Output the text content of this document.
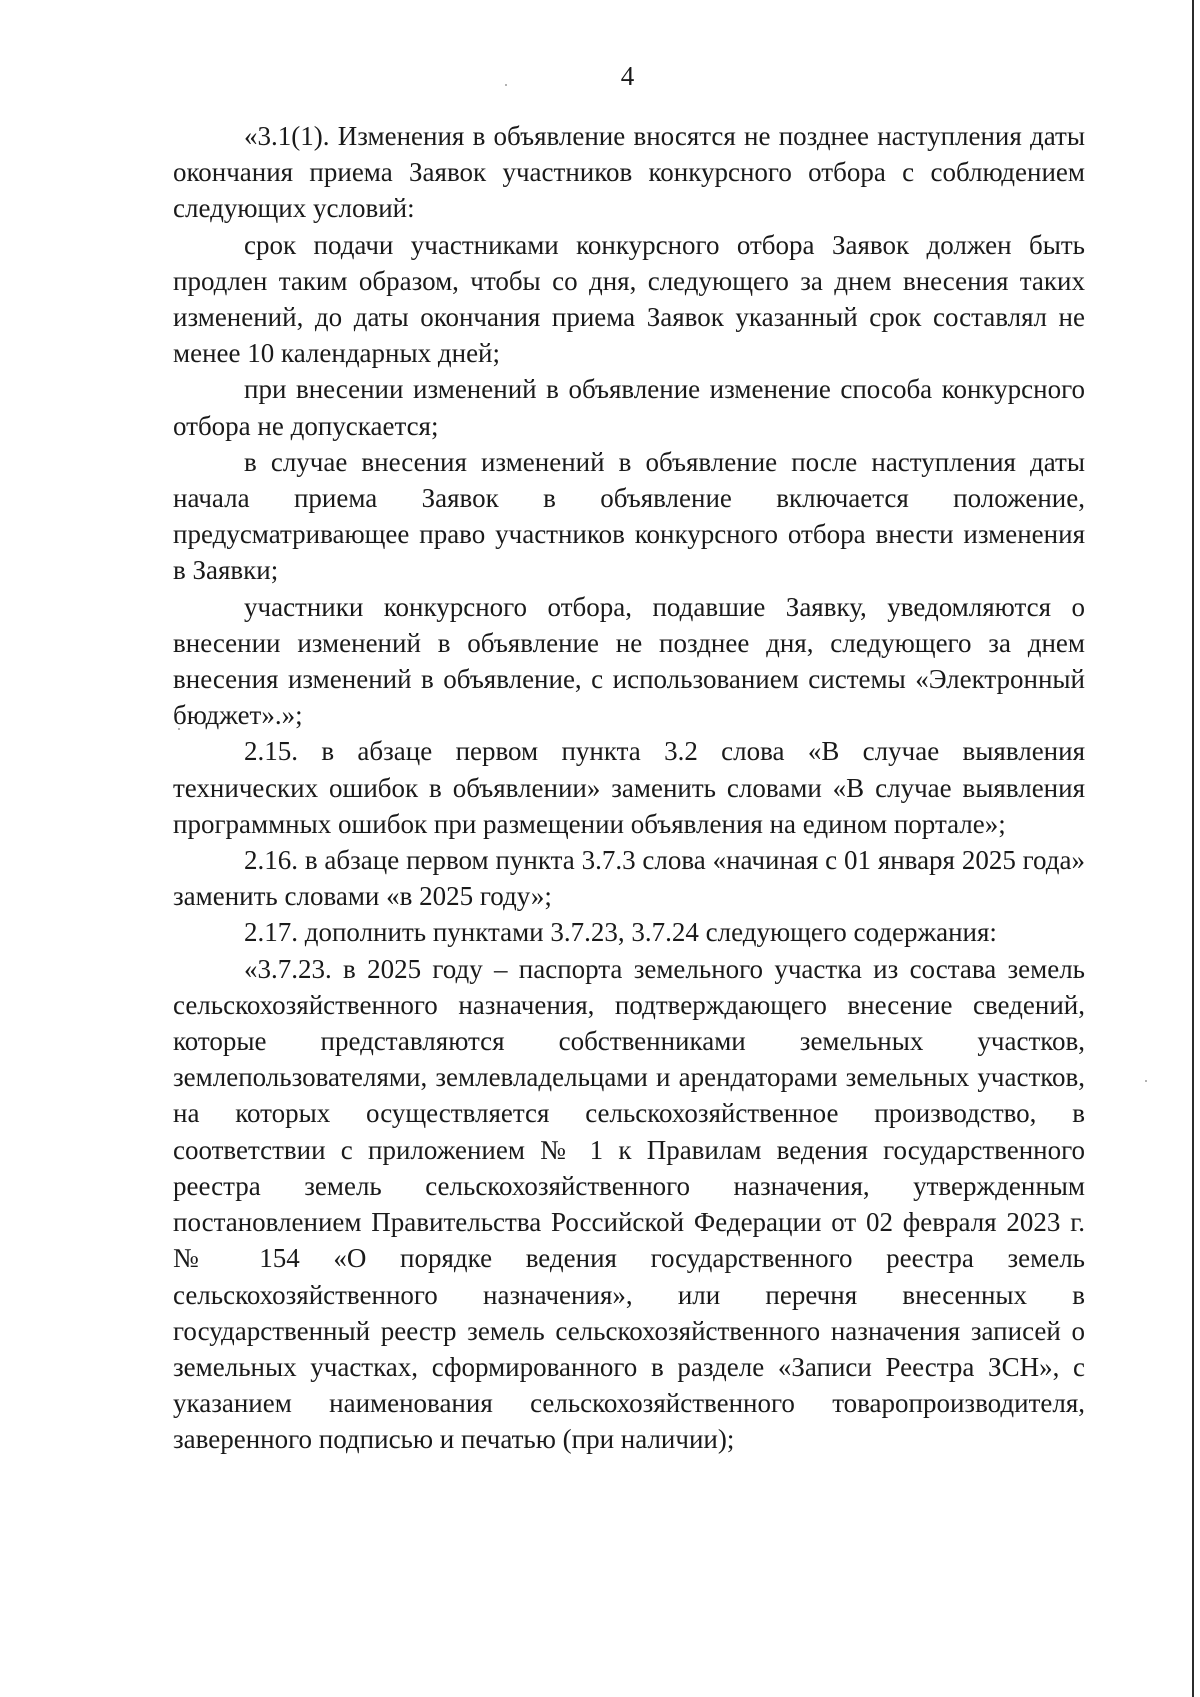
4

«3.1(1). Изменения в объявление вносятся не позднее наступления даты окончания приема Заявок участников конкурсного отбора с соблюдением следующих условий:

срок подачи участниками конкурсного отбора Заявок должен быть продлен таким образом, чтобы со дня, следующего за днем внесения таких изменений, до даты окончания приема Заявок указанный срок составлял не менее 10 календарных дней;

при внесении изменений в объявление изменение способа конкурсного отбора не допускается;

в случае внесения изменений в объявление после наступления даты начала приема Заявок в объявление включается положение, предусматривающее право участников конкурсного отбора внести изменения в Заявки;

участники конкурсного отбора, подавшие Заявку, уведомляются о внесении изменений в объявление не позднее дня, следующего за днем внесения изменений в объявление, с использованием системы «Электронный бюджет».»;

2.15. в абзаце первом пункта 3.2 слова «В случае выявления технических ошибок в объявлении» заменить словами «В случае выявления программных ошибок при размещении объявления на едином портале»;

2.16. в абзаце первом пункта 3.7.3 слова «начиная с 01 января 2025 года» заменить словами «в 2025 году»;

2.17. дополнить пунктами 3.7.23, 3.7.24 следующего содержания:

«3.7.23. в 2025 году – паспорта земельного участка из состава земель сельскохозяйственного назначения, подтверждающего внесение сведений, которые представляются собственниками земельных участков, землепользователями, землевладельцами и арендаторами земельных участков, на которых осуществляется сельскохозяйственное производство, в соответствии с приложением № 1 к Правилам ведения государственного реестра земель сельскохозяйственного назначения, утвержденным постановлением Правительства Российской Федерации от 02 февраля 2023 г. № 154 «О порядке ведения государственного реестра земель сельскохозяйственного назначения», или перечня внесенных в государственный реестр земель сельскохозяйственного назначения записей о земельных участках, сформированного в разделе «Записи Реестра ЗСН», с указанием наименования сельскохозяйственного товаропроизводителя, заверенного подписью и печатью (при наличии);
